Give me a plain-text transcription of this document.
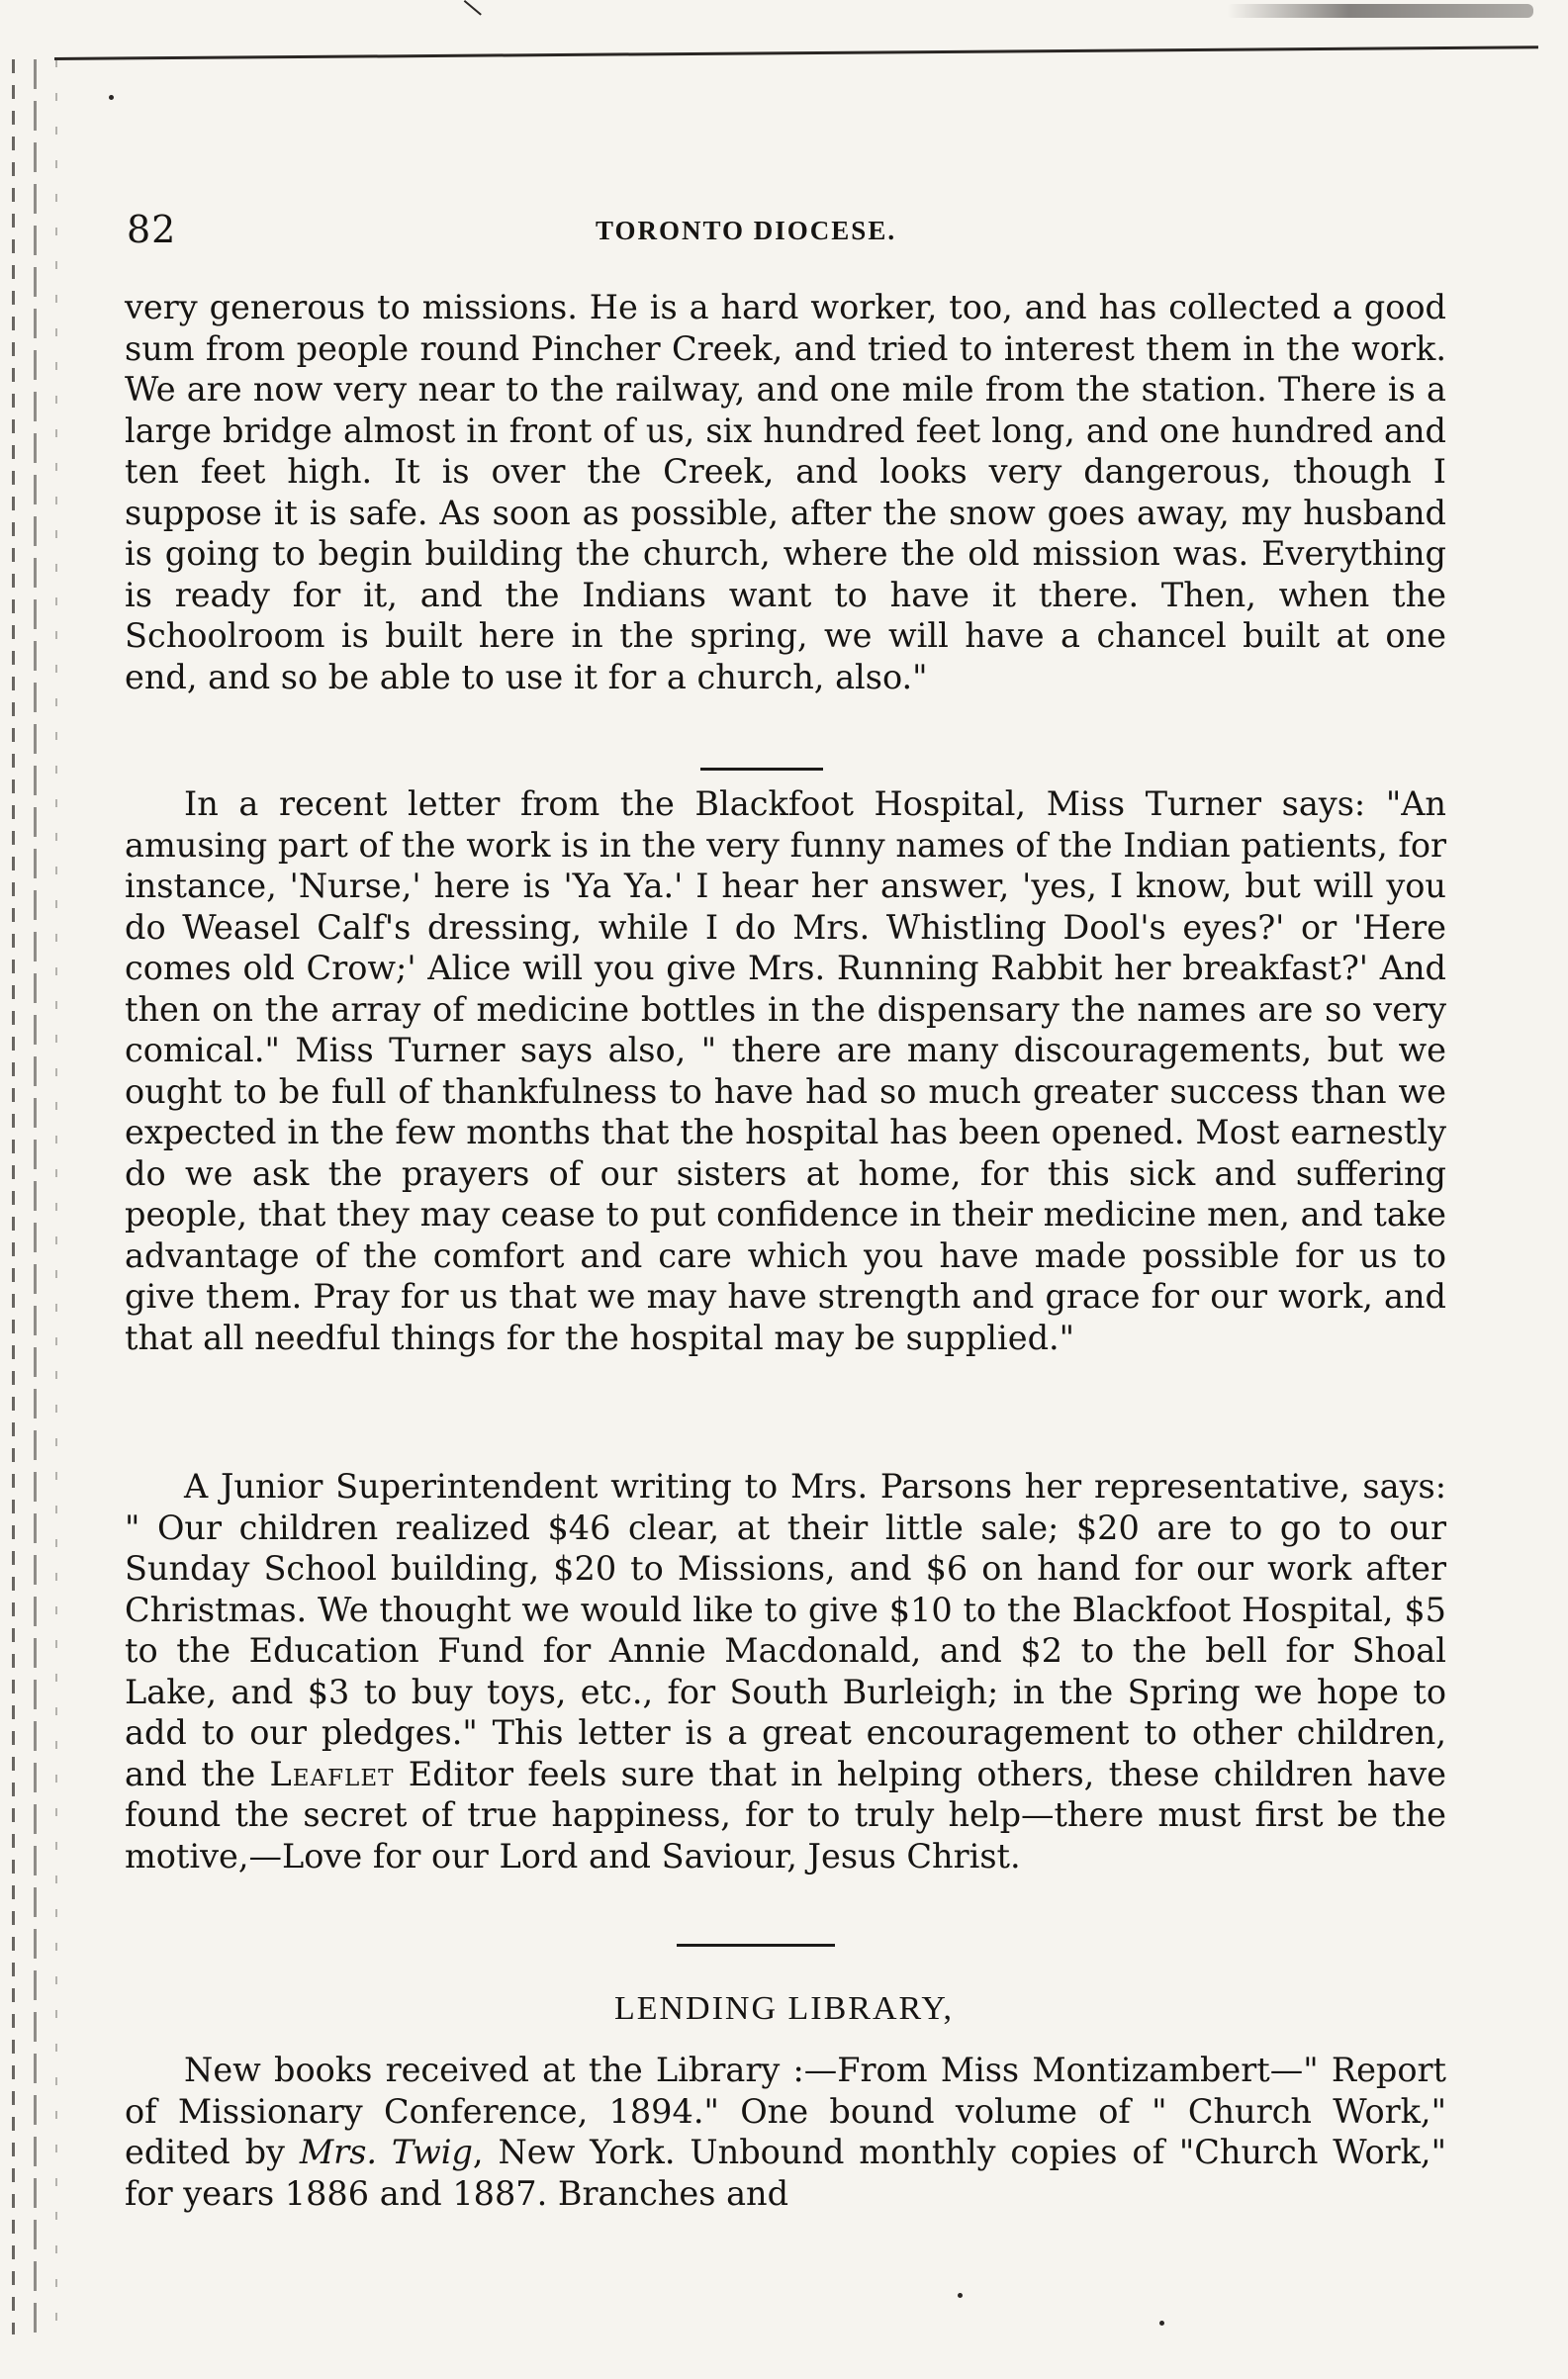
82	TORONTO DIOCESE.

very generous to missions. He is a hard worker, too, and has collected a good sum from people round Pincher Creek, and tried to interest them in the work. We are now very near to the railway, and one mile from the station. There is a large bridge almost in front of us, six hundred feet long, and one hundred and ten feet high. It is over the Creek, and looks very dangerous, though I suppose it is safe. As soon as possible, after the snow goes away, my husband is going to begin building the church, where the old mission was. Everything is ready for it, and the Indians want to have it there. Then, when the Schoolroom is built here in the spring, we will have a chancel built at one end, and so be able to use it for a church, also."

In a recent letter from the Blackfoot Hospital, Miss Turner says: "An amusing part of the work is in the very funny names of the Indian patients, for instance, 'Nurse,' here is 'Ya Ya.' I hear her answer, 'yes, I know, but will you do Weasel Calf's dressing, while I do Mrs. Whistling Dool's eyes?' or 'Here comes old Crow;' Alice will you give Mrs. Running Rabbit her breakfast?' And then on the array of medicine bottles in the dispensary the names are so very comical." Miss Turner says also, " there are many discouragements, but we ought to be full of thankfulness to have had so much greater success than we expected in the few months that the hospital has been opened. Most earnestly do we ask the prayers of our sisters at home, for this sick and suffering people, that they may cease to put confidence in their medicine men, and take advantage of the comfort and care which you have made possible for us to give them. Pray for us that we may have strength and grace for our work, and that all needful things for the hospital may be supplied."

A Junior Superintendent writing to Mrs. Parsons her representative, says: " Our children realized $46 clear, at their little sale; $20 are to go to our Sunday School building, $20 to Missions, and $6 on hand for our work after Christmas. We thought we would like to give $10 to the Blackfoot Hospital, $5 to the Education Fund for Annie Macdonald, and $2 to the bell for Shoal Lake, and $3 to buy toys, etc., for South Burleigh; in the Spring we hope to add to our pledges." This letter is a great encouragement to other children, and the Leaflet Editor feels sure that in helping others, these children have found the secret of true happiness, for to truly help—there must first be the motive,—Love for our Lord and Saviour, Jesus Christ.

LENDING LIBRARY,

New books received at the Library :—From Miss Montizambert—" Report of Missionary Conference, 1894." One bound volume of " Church Work," edited by Mrs. Twig, New York. Unbound monthly copies of "Church Work," for years 1886 and 1887. Branches and
